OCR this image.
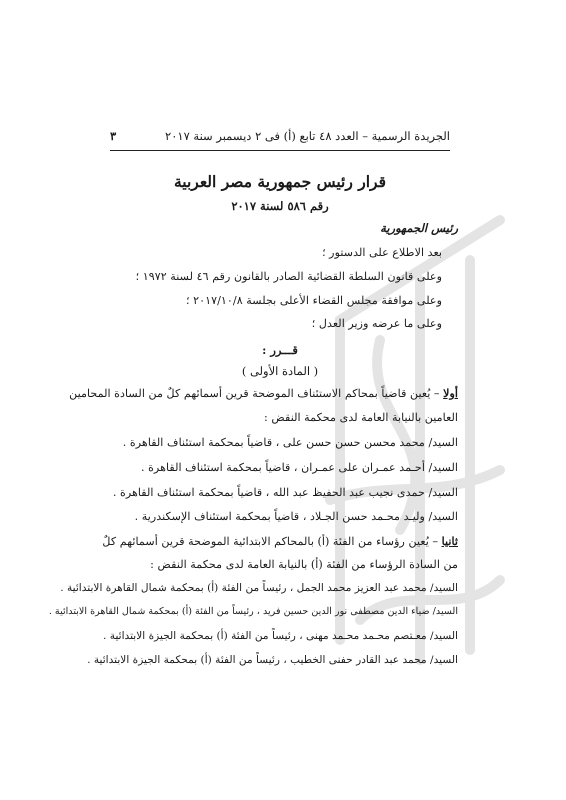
الجريدة الرسمية – العدد ٤٨ تابع (أ) فى ٢ ديسمبر سنة ٢٠١٧
٣
قرار رئيس جمهورية مصر العربية
رقم ٥٨٦ لسنة ٢٠١٧
رئيس الجمهورية
بعد الاطلاع على الدستور ؛
وعلى قانون السلطة القضائية الصادر بالقانون رقم ٤٦ لسنة ١٩٧٢ ؛
وعلى موافقة مجلس القضاء الأعلى بجلسة ٢٠١٧/١٠/٨ ؛
وعلى ما عرضه وزير العدل ؛
قـــرر :
( المادة الأولى )
أولا – يُعين قاضياً بمحاكم الاستئناف الموضحة قرين أسمائهم كلٌ من السادة المحامين
العامين بالنيابة العامة لدى محكمة النقض :
السيد/ محمد محسن حسن حسن على ، قاضياً بمحكمة استئناف القاهرة .
السيد/ أحـمد عمـران على عمـران ، قاضياً بمحكمة استئناف القاهرة .
السيد/ حمدى نجيب عبد الحفيظ عبد الله ، قاضياً بمحكمة استئناف القاهرة .
السيد/ وليـد محـمد حسن الجـلاد ، قاضياً بمحكمة استئناف الإسكندرية .
ثانيا – يُعين رؤساء من الفئة (أ) بالمحاكم الابتدائية الموضحة قرين أسمائهم كلٌ
من السادة الرؤساء من الفئة (أ) بالنيابة العامة لدى محكمة النقض :
السيد/ محمد عبد العزيز محمد الجمل ، رئيساً من الفئة (أ) بمحكمة شمال القاهرة الابتدائية .
السيد/ ضياء الدين مصطفى نور الدين حسين فريد ، رئيساً من الفئة (أ) بمحكمة شمال القاهرة الابتدائية .
السيد/ معـتصم محـمد محـمد مهنى ، رئيساً من الفئة (أ) بمحكمة الجيزة الابتدائية .
السيد/ محمد عبد القادر حفنى الخطيب ، رئيساً من الفئة (أ) بمحكمة الجيزة الابتدائية .
